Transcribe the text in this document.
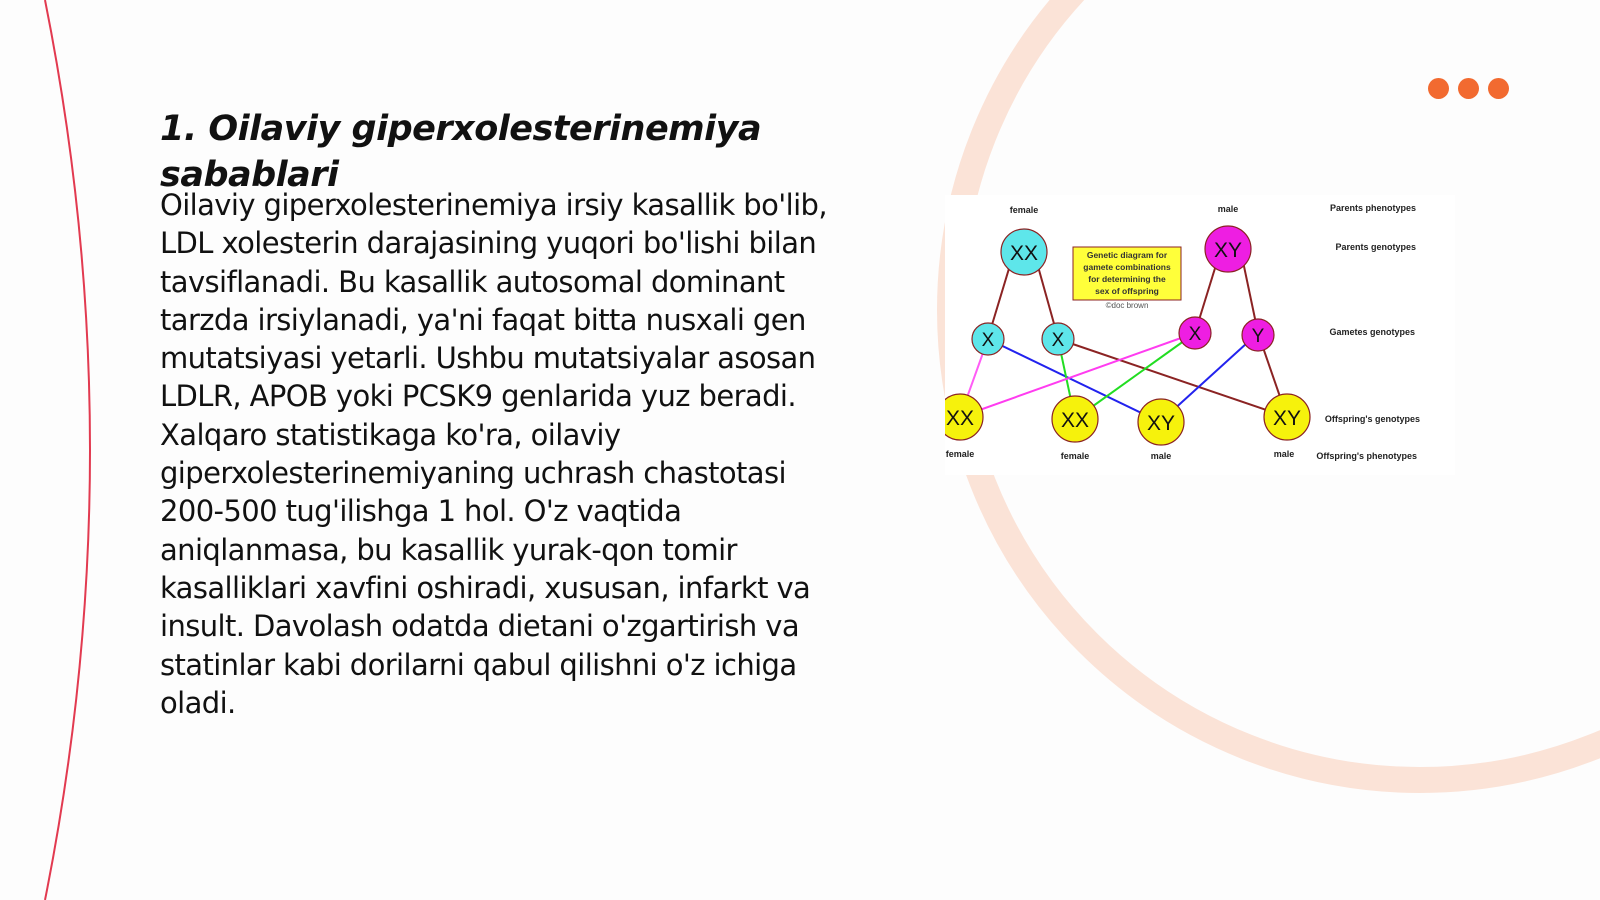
1. Oilaviy giperxolesterinemiya sabablari

Oilaviy giperxolesterinemiya irsiy kasallik bo'lib, LDL xolesterin darajasining yuqori bo'lishi bilan tavsiflanadi. Bu kasallik autosomal dominant tarzda irsiylanadi, ya'ni faqat bitta nusxali gen mutatsiyasi yetarli. Ushbu mutatsiyalar asosan LDLR, APOB yoki PCSK9 genlarida yuz beradi. Xalqaro statistikaga ko'ra, oilaviy giperxolesterinemiyaning uchrash chastotasi 200-500 tug'ilishga 1 hol. O'z vaqtida aniqlanmasa, bu kasallik yurak-qon tomir kasalliklari xavfini oshiradi, xususan, infarkt va insult. Davolash odatda dietani o'zgartirish va statinlar kabi dorilarni qabul qilishni o'z ichiga oladi.

female	male
XX	XY
Genetic diagram for
gamete combinations
for determining the
sex of offspring
©doc brown
X	X	X	Y
XX	XX	XY	XY
female	female	male	male
Parents phenotypes
Parents genotypes
Gametes genotypes
Offspring's genotypes
Offspring's phenotypes
